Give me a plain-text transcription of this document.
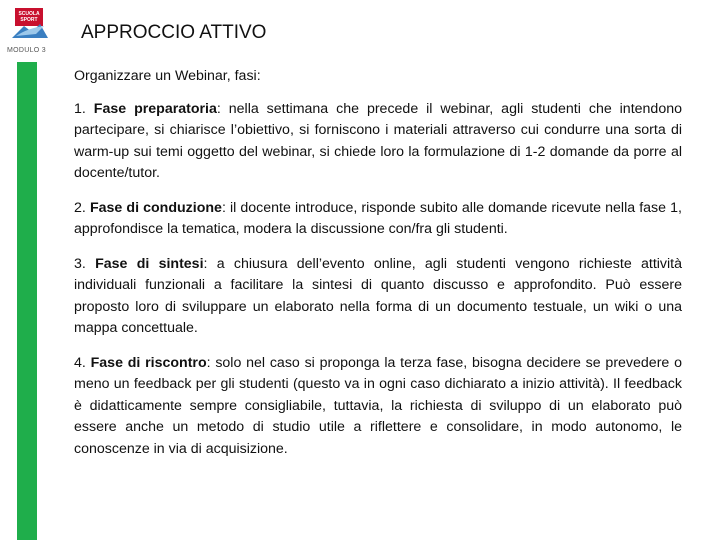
SCUOLA
SPORT
MODULO 3
APPROCCIO ATTIVO

Organizzare un Webinar, fasi:

1. Fase preparatoria: nella settimana che precede il webinar, agli studenti che intendono partecipare, si chiarisce l’obiettivo, si forniscono i materiali attraverso cui condurre una sorta di warm-up sui temi oggetto del webinar, si chiede loro la formulazione di 1-2 domande da porre al docente/tutor.

2. Fase di conduzione: il docente introduce, risponde subito alle domande ricevute nella fase 1, approfondisce la tematica, modera la discussione con/fra gli studenti.

3. Fase di sintesi: a chiusura dell’evento online, agli studenti vengono richieste attività individuali funzionali a facilitare la sintesi di quanto discusso e approfondito. Può essere proposto loro di sviluppare un elaborato nella forma di un documento testuale, un wiki o una mappa concettuale.

4. Fase di riscontro: solo nel caso si proponga la terza fase, bisogna decidere se prevedere o meno un feedback per gli studenti (questo va in ogni caso dichiarato a inizio attività). Il feedback è didatticamente sempre consigliabile, tuttavia, la richiesta di sviluppo di un elaborato può essere anche un metodo di studio utile a riflettere e consolidare, in modo autonomo, le conoscenze in via di acquisizione.
